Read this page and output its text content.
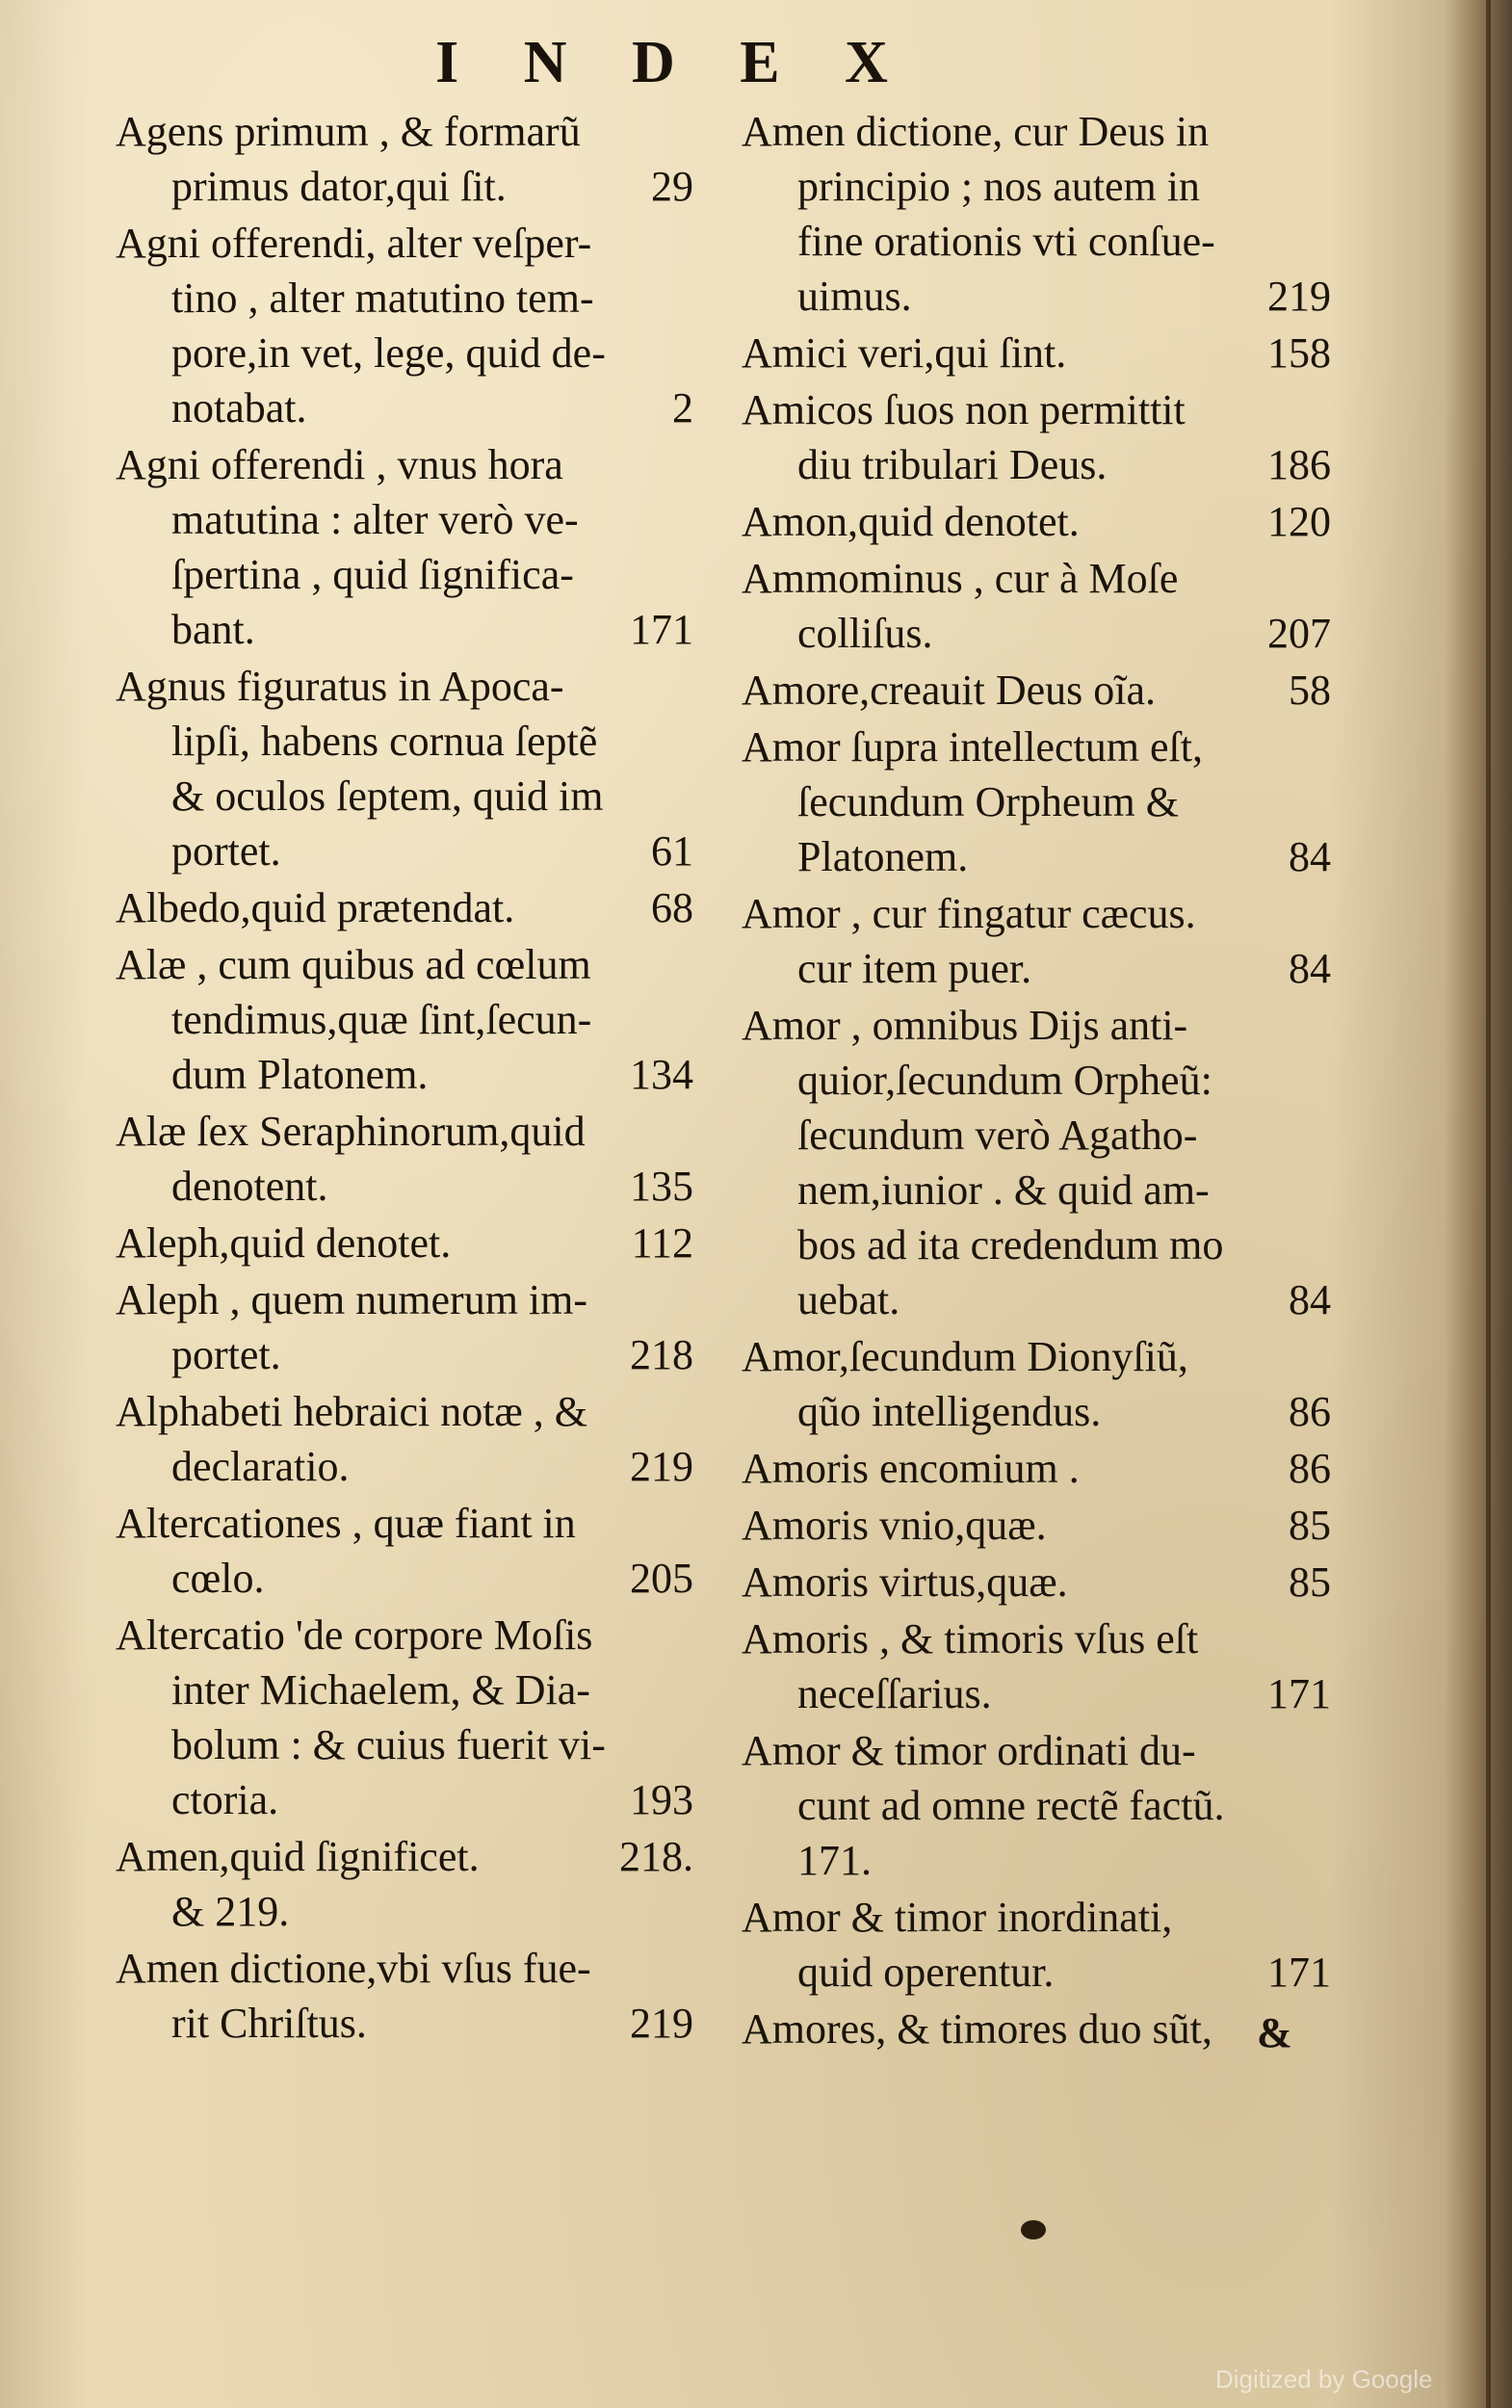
I N D E X
Agens primum , & formarũ
primus dator,qui ſit.	29
Agni offerendi, alter veſper-
tino , alter matutino tem-
pore,in vet, lege, quid de-
notabat.	2
Agni offerendi , vnus hora
matutina : alter verò ve-
ſpertina , quid ſignifica-
bant.	171
Agnus figuratus in Apoca-
lipſi, habens cornua ſeptẽ
& oculos ſeptem, quid im
portet.	61
Albedo,quid prætendat.	68
Alæ , cum quibus ad cœlum
tendimus,quæ ſint,ſecun-
dum Platonem.	134
Alæ ſex Seraphinorum,quid
denotent.	135
Aleph,quid denotet.	112
Aleph , quem numerum im-
portet.	218
Alphabeti hebraici notæ , &
declaratio.	219
Altercationes , quæ fiant in
cœlo.	205
Altercatio 'de corpore Moſis
inter Michaelem, & Dia-
bolum : & cuius fuerit vi-
ctoria.	193
Amen,quid ſignificet.	218.
& 219.
Amen dictione,vbi vſus fue-
rit Chriſtus.	219
Amen dictione, cur Deus in
principio ; nos autem in
fine orationis vti conſue-
uimus.	219
Amici veri,qui ſint.	158
Amicos ſuos non permittit
diu tribulari Deus.	186
Amon,quid denotet.	120
Ammominus , cur à Moſe
colliſus.	207
Amore,creauit Deus oĩa.	58
Amor ſupra intellectum eſt,
ſecundum Orpheum &
Platonem.	84
Amor , cur fingatur cæcus.
cur item puer.	84
Amor , omnibus Dijs anti-
quior,ſecundum Orpheũ:
ſecundum verò Agatho-
nem,iunior . & quid am-
bos ad ita credendum mo
uebat.	84
Amor,ſecundum Dionyſiũ,
qũo intelligendus.	86
Amoris encomium .	86
Amoris vnio,quæ.	85
Amoris virtus,quæ.	85
Amoris , & timoris vſus eſt
neceſſarius.	171
Amor & timor ordinati du-
cunt ad omne rectẽ factũ.
171.
Amor & timor inordinati,
quid operentur.	171
Amores, & timores duo sũt, &
Digitized by Google
